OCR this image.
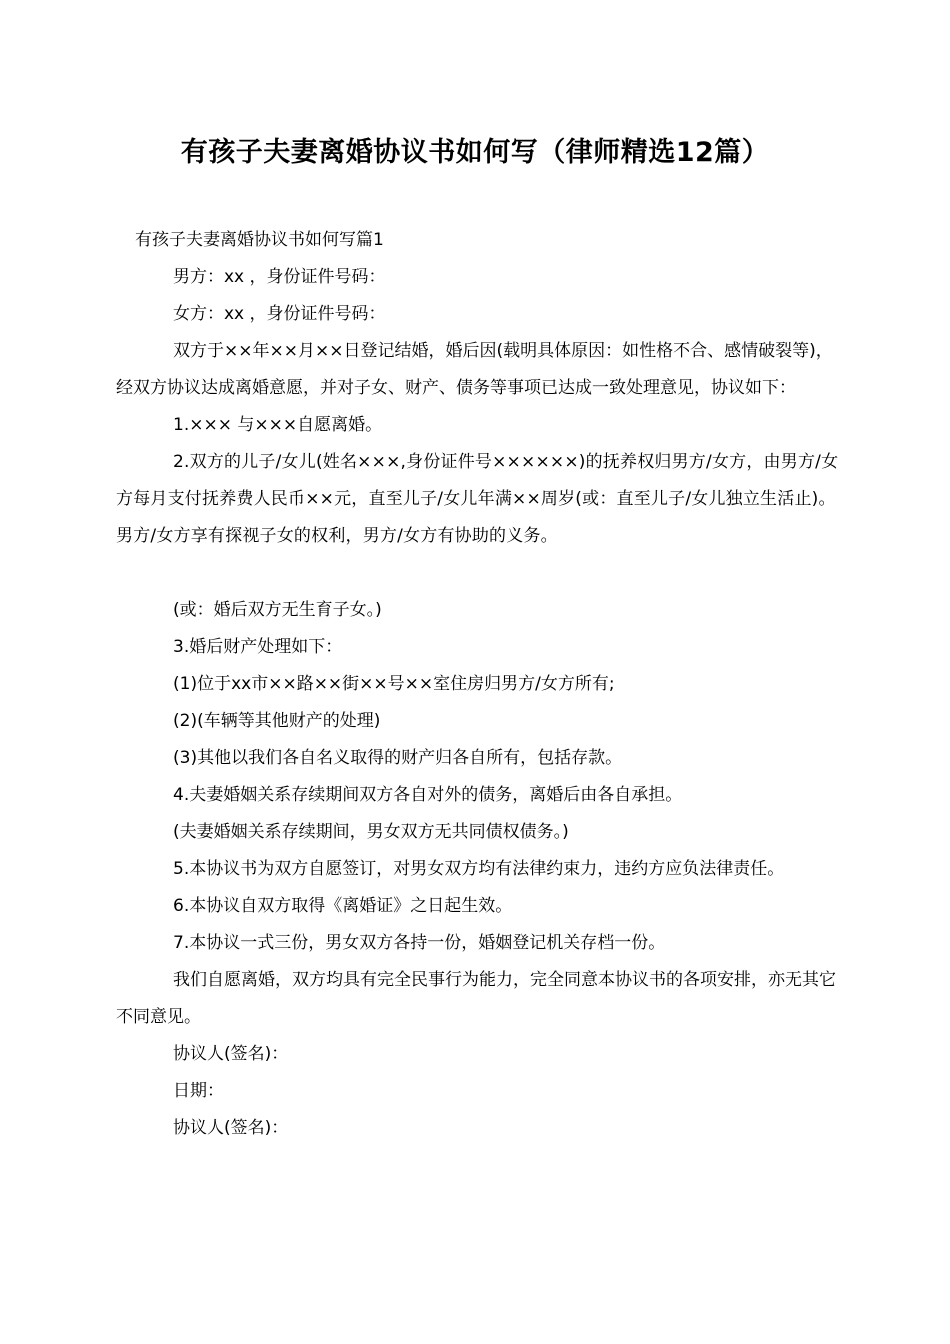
有孩子夫妻离婚协议书如何写（律师精选12篇）

有孩子夫妻离婚协议书如何写篇1

男方：xx ，身份证件号码：

女方：xx ，身份证件号码：

双方于××年××月××日登记结婚，婚后因(载明具体原因：如性格不合、感情破裂等)，经双方协议达成离婚意愿，并对子女、财产、债务等事项已达成一致处理意见，协议如下：

1.××× 与×××自愿离婚。

2.双方的儿子/女儿(姓名×××,身份证件号××××××)的抚养权归男方/女方，由男方/女方每月支付抚养费人民币××元，直至儿子/女儿年满××周岁(或：直至儿子/女儿独立生活止)。男方/女方享有探视子女的权利，男方/女方有协助的义务。

(或：婚后双方无生育子女。)

3.婚后财产处理如下：

(1)位于xx市××路××街××号××室住房归男方/女方所有;

(2)(车辆等其他财产的处理)

(3)其他以我们各自名义取得的财产归各自所有，包括存款。

4.夫妻婚姻关系存续期间双方各自对外的债务，离婚后由各自承担。

(夫妻婚姻关系存续期间，男女双方无共同债权债务。)

5.本协议书为双方自愿签订，对男女双方均有法律约束力，违约方应负法律责任。

6.本协议自双方取得《离婚证》之日起生效。

7.本协议一式三份，男女双方各持一份，婚姻登记机关存档一份。

我们自愿离婚，双方均具有完全民事行为能力，完全同意本协议书的各项安排，亦无其它不同意见。

协议人(签名)：

日期：

协议人(签名)：
